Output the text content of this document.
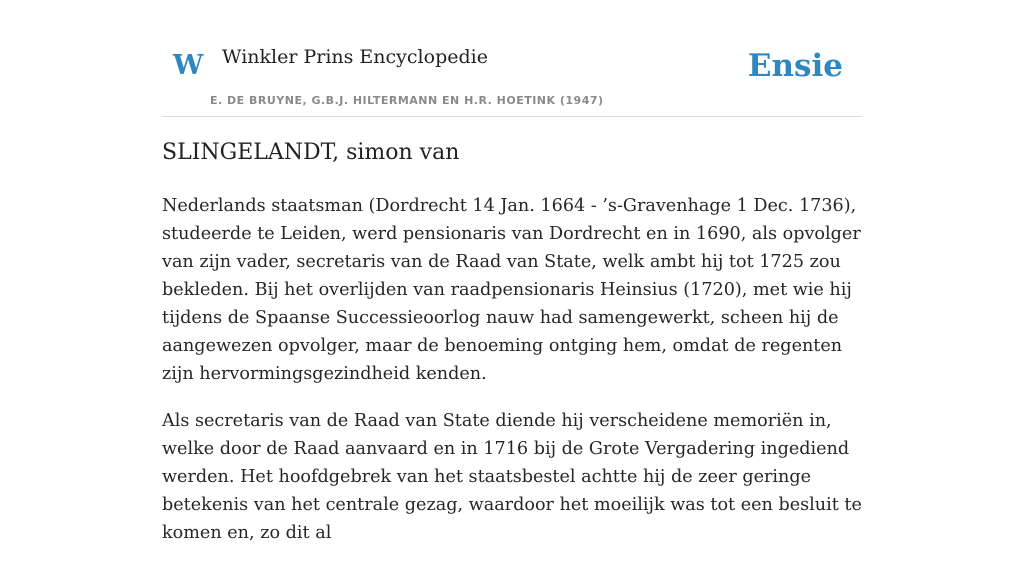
W Winkler Prins Encyclopedie
E. DE BRUYNE, G.B.J. HILTERMANN EN H.R. HOETINK (1947)
Ensie
SLINGELANDT, simon van

Nederlands staatsman (Dordrecht 14 Jan. 1664 - ’s-Gravenhage 1 Dec. 1736), studeerde te Leiden, werd pensionaris van Dordrecht en in 1690, als opvolger van zijn vader, secretaris van de Raad van State, welk ambt hij tot 1725 zou bekleden. Bij het overlijden van raadpensionaris Heinsius (1720), met wie hij tijdens de Spaanse Successieoorlog nauw had samengewerkt, scheen hij de aangewezen opvolger, maar de benoeming ontging hem, omdat de regenten zijn hervormingsgezindheid kenden.

Als secretaris van de Raad van State diende hij verscheidene memoriën in, welke door de Raad aanvaard en in 1716 bij de Grote Vergadering ingediend werden. Het hoofdgebrek van het staatsbestel achtte hij de zeer geringe betekenis van het centrale gezag, waardoor het moeilijk was tot een besluit te komen en, zo dit al
